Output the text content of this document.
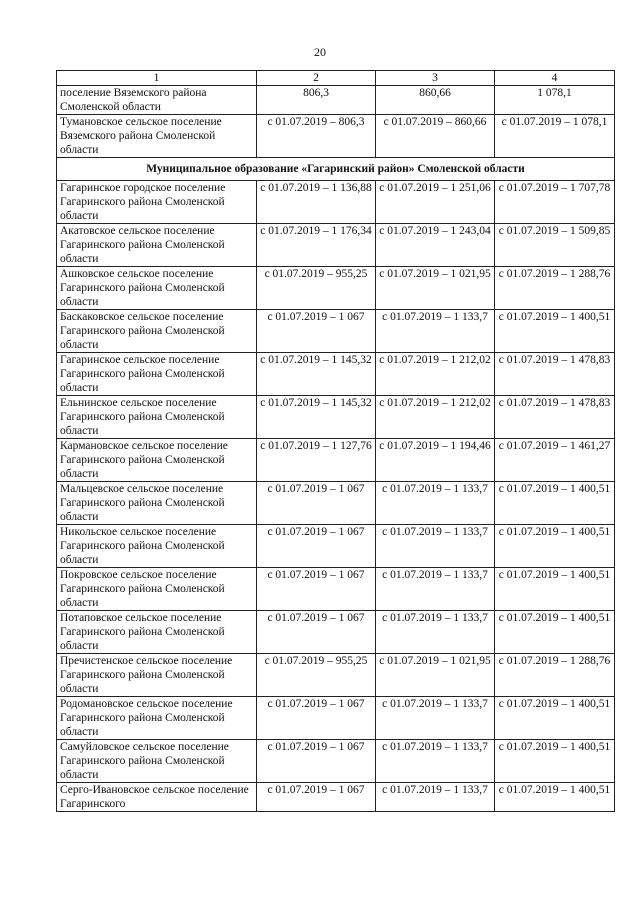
20
1	2	3	4
поселение Вяземского района Смоленской области	806,3	860,66	1 078,1
Тумановское сельское поселение Вяземского района Смоленской области	с 01.07.2019 – 806,3	с 01.07.2019 – 860,66	с 01.07.2019 – 1 078,1
Муниципальное образование «Гагаринский район» Смоленской области			
Гагаринское городское поселение Гагаринского района Смоленской области	с 01.07.2019 – 1 136,88	с 01.07.2019 – 1 251,06	с 01.07.2019 – 1 707,78
Акатовское сельское поселение Гагаринского района Смоленской области	с 01.07.2019 – 1 176,34	с 01.07.2019 – 1 243,04	с 01.07.2019 – 1 509,85
Ашковское сельское поселение Гагаринского района Смоленской области	с 01.07.2019 – 955,25	с 01.07.2019 – 1 021,95	с 01.07.2019 – 1 288,76
Баскаковское сельское поселение Гагаринского района Смоленской области	с 01.07.2019 – 1 067	с 01.07.2019 – 1 133,7	с 01.07.2019 – 1 400,51
Гагаринское сельское поселение Гагаринского района Смоленской области	с 01.07.2019 – 1 145,32	с 01.07.2019 – 1 212,02	с 01.07.2019 – 1 478,83
Ельнинское сельское поселение Гагаринского района Смоленской области	с 01.07.2019 – 1 145,32	с 01.07.2019 – 1 212,02	с 01.07.2019 – 1 478,83
Кармановское сельское поселение Гагаринского района Смоленской области	с 01.07.2019 – 1 127,76	с 01.07.2019 – 1 194,46	с 01.07.2019 – 1 461,27
Мальцевское сельское поселение Гагаринского района Смоленской области	с 01.07.2019 – 1 067	с 01.07.2019 – 1 133,7	с 01.07.2019 – 1 400,51
Никольское сельское поселение Гагаринского района Смоленской области	с 01.07.2019 – 1 067	с 01.07.2019 – 1 133,7	с 01.07.2019 – 1 400,51
Покровское сельское поселение Гагаринского района Смоленской области	с 01.07.2019 – 1 067	с 01.07.2019 – 1 133,7	с 01.07.2019 – 1 400,51
Потаповское сельское поселение Гагаринского района Смоленской области	с 01.07.2019 – 1 067	с 01.07.2019 – 1 133,7	с 01.07.2019 – 1 400,51
Пречистенское сельское поселение Гагаринского района Смоленской области	с 01.07.2019 – 955,25	с 01.07.2019 – 1 021,95	с 01.07.2019 – 1 288,76
Родомановское сельское поселение Гагаринского района Смоленской области	с 01.07.2019 – 1 067	с 01.07.2019 – 1 133,7	с 01.07.2019 – 1 400,51
Самуйловское сельское поселение Гагаринского района Смоленской области	с 01.07.2019 – 1 067	с 01.07.2019 – 1 133,7	с 01.07.2019 – 1 400,51
Серго-Ивановское сельское поселение Гагаринского	с 01.07.2019 – 1 067	с 01.07.2019 – 1 133,7	с 01.07.2019 – 1 400,51
